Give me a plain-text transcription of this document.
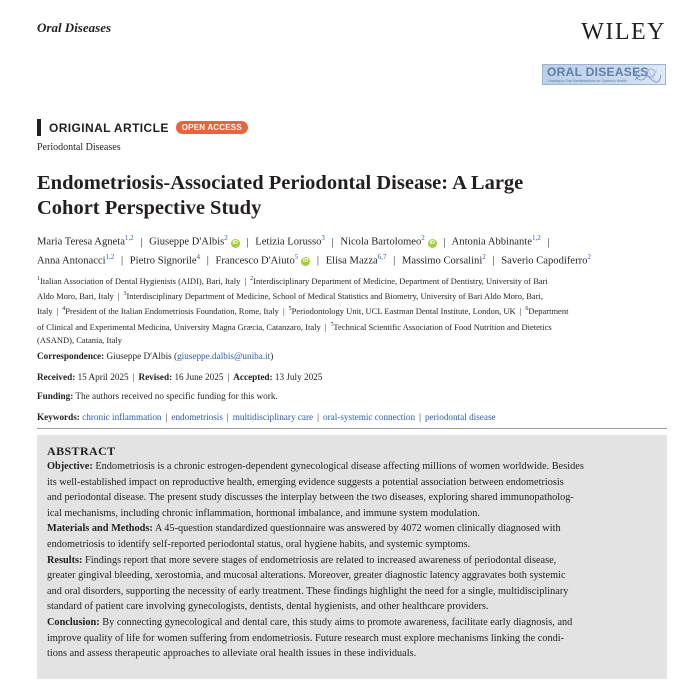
Oral Diseases	WILEY
ORAL DISEASES
Leading to Oral Manifestations for Systemic Health
ORIGINAL ARTICLE	OPEN ACCESS
Periodontal Diseases
Endometriosis-Associated Periodontal Disease: A Large
Cohort Perspective Study
Maria Teresa Agneta$^{1,2}$ | Giuseppe D'Albis$^2$iD | Letizia Lorusso$^3$ | Nicola Bartolomeo$^2$iD | Antonia Abbinante$^{1,2}$ |
Anna Antonacci$^{1,2}$ | Pietro Signorile$^4$ | Francesco D'Aiuto$^5$iD | Elisa Mazza$^{6,7}$ | Massimo Corsalini$^2$ | Saverio Capodiferro$^2$
$^1$Italian Association of Dental Hygienists (AIDI), Bari, Italy | $^2$Interdisciplinary Department of Medicine, Department of Dentistry, University of Bari
Aldo Moro, Bari, Italy | $^3$Interdisciplinary Department of Medicine, School of Medical Statistics and Biometry, University of Bari Aldo Moro, Bari,
Italy | $^4$President of the Italian Endometriosis Foundation, Rome, Italy | $^5$Periodontology Unit, UCL Eastman Dental Institute, London, UK | $^6$Department
of Clinical and Experimental Medicina, University Magna Græcia, Catanzaro, Italy | $^7$Technical Scientific Association of Food Nutrition and Dietetics
(ASAND), Catania, Italy
Correspondence: Giuseppe D'Albis (giuseppe.dalbis@uniba.it)
Received: 15 April 2025 | Revised: 16 June 2025 | Accepted: 13 July 2025
Funding: The authors received no specific funding for this work.
Keywords: chronic inflammation | endometriosis | multidisciplinary care | oral-systemic connection | periodontal disease
ABSTRACT
Objective: Endometriosis is a chronic estrogen-dependent gynecological disease affecting millions of women worldwide. Besides
its well-established impact on reproductive health, emerging evidence suggests a potential association between endometriosis
and periodontal disease. The present study discusses the interplay between the two diseases, exploring shared immunopatholog-
ical mechanisms, including chronic inflammation, hormonal imbalance, and immune system modulation.
Materials and Methods: A 45-question standardized questionnaire was answered by 4072 women clinically diagnosed with
endometriosis to identify self-reported periodontal status, oral hygiene habits, and systemic symptoms.
Results: Findings report that more severe stages of endometriosis are related to increased awareness of periodontal disease,
greater gingival bleeding, xerostomia, and mucosal alterations. Moreover, greater diagnostic latency aggravates both systemic
and oral disorders, supporting the necessity of early treatment. These findings highlight the need for a single, multidisciplinary
standard of patient care involving gynecologists, dentists, dental hygienists, and other healthcare providers.
Conclusion: By connecting gynecological and dental care, this study aims to promote awareness, facilitate early diagnosis, and
improve quality of life for women suffering from endometriosis. Future research must explore mechanisms linking the condi-
tions and assess therapeutic approaches to alleviate oral health issues in these individuals.
